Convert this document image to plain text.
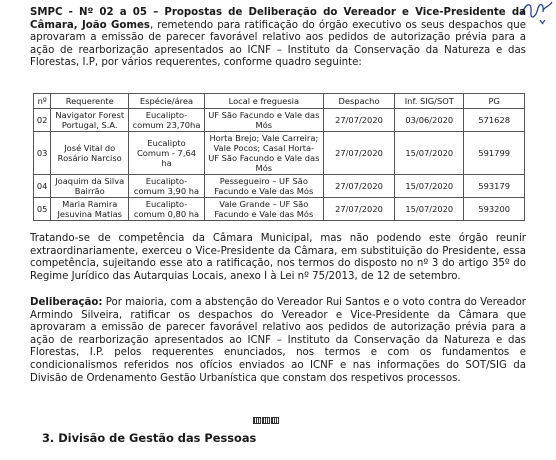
SMPC - Nº 02 a 05 – Propostas de Deliberação do Vereador e Vice-Presidente da Câmara, João Gomes, remetendo para ratificação do órgão executivo os seus despachos que aprovaram a emissão de parecer favorável relativo aos pedidos de autorização prévia para a ação de rearborização apresentados ao ICNF – Instituto da Conservação da Natureza e das Florestas, I.P, por vários requerentes, conforme quadro seguinte:

nº	Requerente	Espécie/área	Local e freguesia	Despacho	Inf. SIG/SOT	PG
02	Navigator Forest Portugal, S.A.	Eucalipto-comum 23,70ha	UF São Facundo e Vale das Mós	27/07/2020	03/06/2020	571628
03	José Vital do Rosário Narciso	Eucalipto Comum - 7,64 ha	Horta Brejo; Vale Carreira; Vale Pocos; Casal Horta- UF São Facundo e Vale das Mós	27/07/2020	15/07/2020	591799
04	Joaquim da Silva Bairrão	Eucalipto-comum 3,90 ha	Pessegueiro – UF São Facundo e Vale das Mós	27/07/2020	15/07/2020	593179
05	Maria Ramira Jesuvina Matias	Eucalipto-comum 0,80 ha	Vale Grande – UF São Facundo e Vale das Mós	27/07/2020	15/07/2020	593200

Tratando-se de competência da Câmara Municipal, mas não podendo este órgão reunir extraordinariamente, exerceu o Vice-Presidente da Câmara, em substituição do Presidente, essa competência, sujeitando esse ato a ratificação, nos termos do disposto no nº 3 do artigo 35º do Regime Jurídico das Autarquias Locais, anexo I à Lei nº 75/2013, de 12 de setembro.

Deliberação: Por maioria, com a abstenção do Vereador Rui Santos e o voto contra do Vereador Armindo Silveira, ratificar os despachos do Vereador e Vice-Presidente da Câmara que aprovaram a emissão de parecer favorável relativo aos pedidos de autorização prévia para a ação de rearborização apresentados ao ICNF – Instituto da Conservação da Natureza e das Florestas, I.P. pelos requerentes enunciados, nos termos e com os fundamentos e condicionalismos referidos nos ofícios enviados ao ICNF e nas informações do SOT/SIG da Divisão de Ordenamento Gestão Urbanística que constam dos respetivos processos.

3. Divisão de Gestão das Pessoas
